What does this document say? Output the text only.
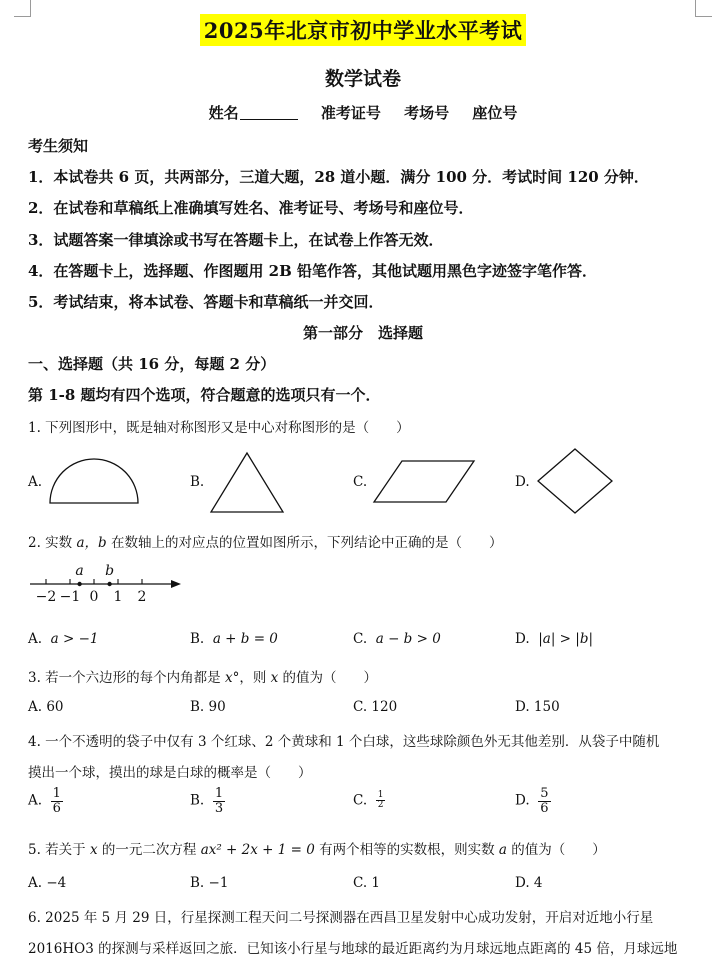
2025年北京市初中学业水平考试
数学试卷
姓名	准考证号 考场号 座位号
考生须知
1．本试卷共 6 页，共两部分，三道大题，28 道小题．满分 100 分．考试时间 120 分钟．
2．在试卷和草稿纸上准确填写姓名、准考证号、考场号和座位号．
3．试题答案一律填涂或书写在答题卡上，在试卷上作答无效．
4．在答题卡上，选择题、作图题用 2B 铅笔作答，其他试题用黑色字迹签字笔作答．
5．考试结束，将本试卷、答题卡和草稿纸一并交回．
第一部分　选择题
一、选择题（共 16 分，每题 2 分）
第 1-8 题均有四个选项，符合题意的选项只有一个．
1. 下列图形中，既是轴对称图形又是中心对称图形的是（　　）
A.	B.	C.	D.
2. 实数 a，b 在数轴上的对应点的位置如图所示，下列结论中正确的是（　　）
−2 −1 0	1	2
a	b
A. a > −1	B. a + b = 0	C. a − b > 0	D. |a| > |b|
3. 若一个六边形的每个内角都是 x°，则 x 的值为（　　）
A. 60	B. 90	C. 120	D. 150
4. 一个不透明的袋子中仅有 3 个红球、2 个黄球和 1 个白球，这些球除颜色外无其他差别．从袋子中随机
摸出一个球，摸出的球是白球的概率是（　　）
A. $\frac{1}{6}$	B. $\frac{1}{3}$	C. $\frac{1}{2}$	D. $\frac{5}{6}$
5. 若关于 x 的一元二次方程 ax² + 2x + 1 = 0 有两个相等的实数根，则实数 a 的值为（　　）
A. −4	B. −1	C. 1	D. 4
6. 2025 年 5 月 29 日，行星探测工程天问二号探测器在西昌卫星发射中心成功发射，开启对近地小行星
2016HO3 的探测与采样返回之旅．已知该小行星与地球的最近距离约为月球远地点距离的 45 倍，月球远地
